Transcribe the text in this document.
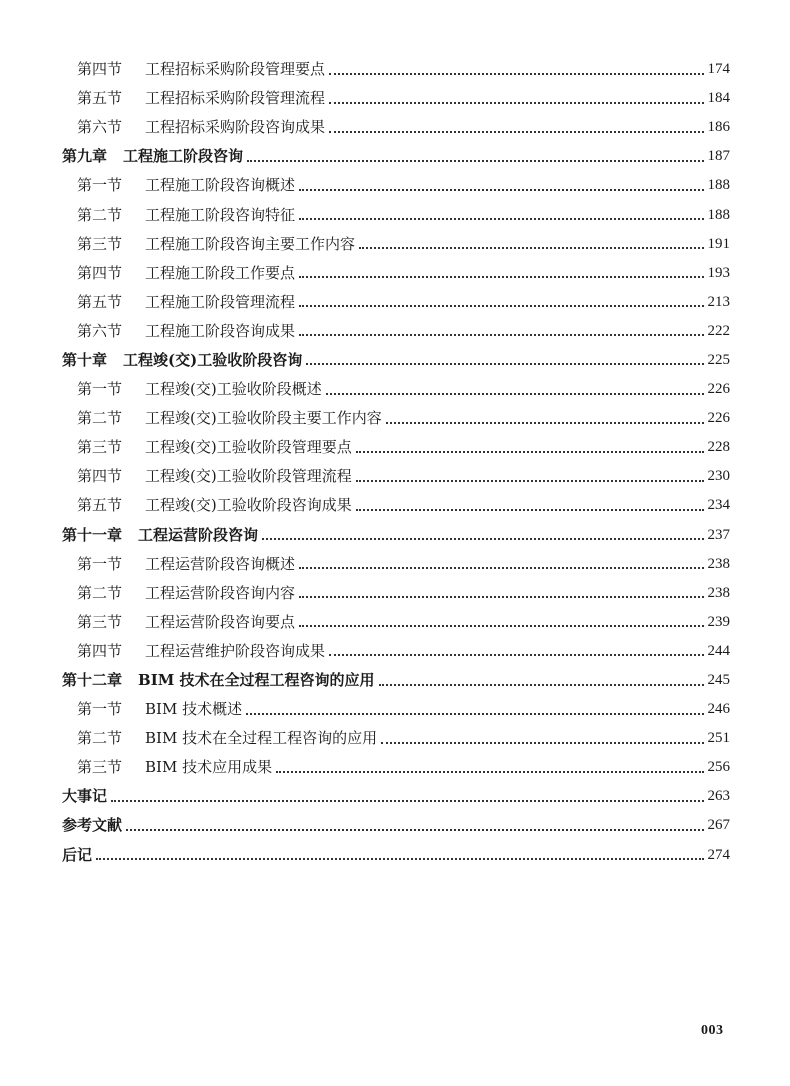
第四节	工程招标采购阶段管理要点	174
第五节	工程招标采购阶段管理流程	184
第六节	工程招标采购阶段咨询成果	186
第九章 工程施工阶段咨询	187
第一节	工程施工阶段咨询概述	188
第二节	工程施工阶段咨询特征	188
第三节	工程施工阶段咨询主要工作内容	191
第四节	工程施工阶段工作要点	193
第五节	工程施工阶段管理流程	213
第六节	工程施工阶段咨询成果	222
第十章 工程竣(交)工验收阶段咨询	225
第一节	工程竣(交)工验收阶段概述	226
第二节	工程竣(交)工验收阶段主要工作内容	226
第三节	工程竣(交)工验收阶段管理要点	228
第四节	工程竣(交)工验收阶段管理流程	230
第五节	工程竣(交)工验收阶段咨询成果	234
第十一章 工程运营阶段咨询	237
第一节	工程运营阶段咨询概述	238
第二节	工程运营阶段咨询内容	238
第三节	工程运营阶段咨询要点	239
第四节	工程运营维护阶段咨询成果	244
第十二章 BIM 技术在全过程工程咨询的应用	245
第一节	BIM 技术概述	246
第二节	BIM 技术在全过程工程咨询的应用	251
第三节	BIM 技术应用成果	256
大事记	263
参考文献	267
后记	274
003
